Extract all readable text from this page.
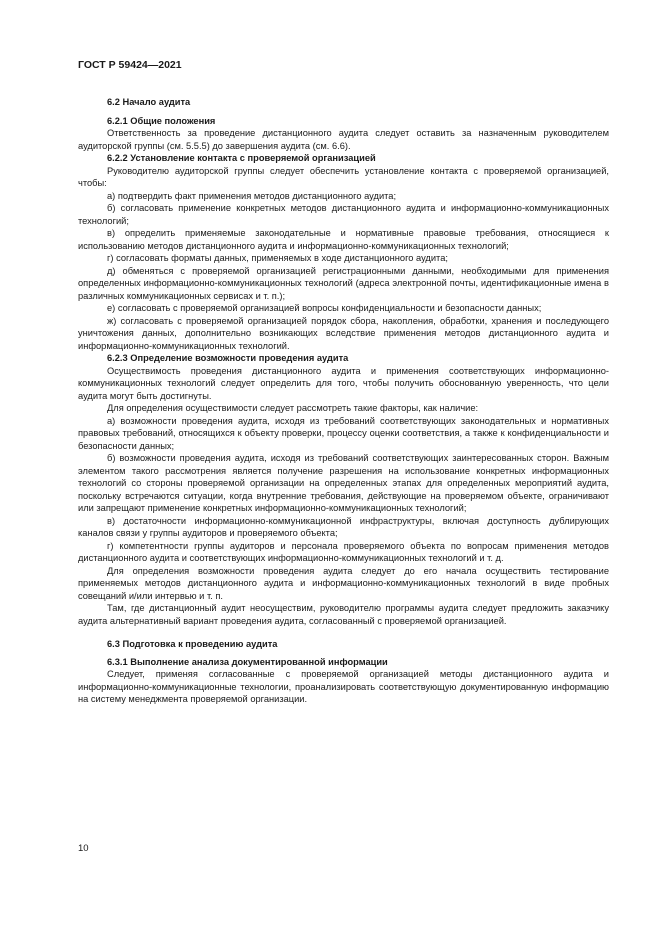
ГОСТ Р 59424—2021
6.2 Начало аудита
6.2.1 Общие положения
Ответственность за проведение дистанционного аудита следует оставить за назначенным руководителем аудиторской группы (см. 5.5.5) до завершения аудита (см. 6.6).
6.2.2 Установление контакта с проверяемой организацией
Руководителю аудиторской группы следует обеспечить установление контакта с проверяемой организацией, чтобы:
а) подтвердить факт применения методов дистанционного аудита;
б) согласовать применение конкретных методов дистанционного аудита и информационно-коммуникационных технологий;
в) определить применяемые законодательные и нормативные правовые требования, относящиеся к использованию методов дистанционного аудита и информационно-коммуникационных технологий;
г) согласовать форматы данных, применяемых в ходе дистанционного аудита;
д) обменяться с проверяемой организацией регистрационными данными, необходимыми для применения определенных информационно-коммуникационных технологий (адреса электронной почты, идентификационные имена в различных коммуникационных сервисах и т. п.);
е) согласовать с проверяемой организацией вопросы конфиденциальности и безопасности данных;
ж) согласовать с проверяемой организацией порядок сбора, накопления, обработки, хранения и последующего уничтожения данных, дополнительно возникающих вследствие применения методов дистанционного аудита и информационно-коммуникационных технологий.
6.2.3 Определение возможности проведения аудита
Осуществимость проведения дистанционного аудита и применения соответствующих информационно-коммуникационных технологий следует определить для того, чтобы получить обоснованную уверенность, что цели аудита могут быть достигнуты.
Для определения осуществимости следует рассмотреть такие факторы, как наличие:
а) возможности проведения аудита, исходя из требований соответствующих законодательных и нормативных правовых требований, относящихся к объекту проверки, процессу оценки соответствия, а также к конфиденциальности и безопасности данных;
б) возможности проведения аудита, исходя из требований соответствующих заинтересованных сторон. Важным элементом такого рассмотрения является получение разрешения на использование конкретных информационных технологий со стороны проверяемой организации на определенных этапах для определенных мероприятий аудита, поскольку встречаются ситуации, когда внутренние требования, действующие на проверяемом объекте, ограничивают или запрещают применение конкретных информационно-коммуникационных технологий;
в) достаточности информационно-коммуникационной инфраструктуры, включая доступность дублирующих каналов связи у группы аудиторов и проверяемого объекта;
г) компетентности группы аудиторов и персонала проверяемого объекта по вопросам применения методов дистанционного аудита и соответствующих информационно-коммуникационных технологий и т. д.
Для определения возможности проведения аудита следует до его начала осуществить тестирование применяемых методов дистанционного аудита и информационно-коммуникационных технологий в виде пробных совещаний и/или интервью и т. п.
Там, где дистанционный аудит неосуществим, руководителю программы аудита следует предложить заказчику аудита альтернативный вариант проведения аудита, согласованный с проверяемой организацией.
6.3 Подготовка к проведению аудита
6.3.1 Выполнение анализа документированной информации
Следует, применяя согласованные с проверяемой организацией методы дистанционного аудита и информационно-коммуникационные технологии, проанализировать соответствующую документированную информацию на систему менеджмента проверяемой организации.
10
